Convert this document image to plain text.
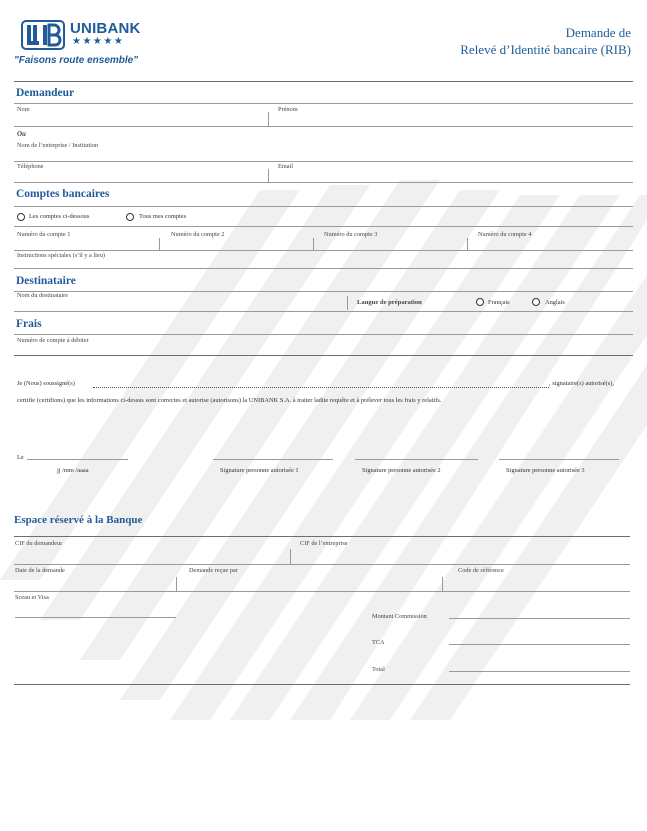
UNIBANK
★★★★★
"Faisons route ensemble"
Demande de
Relevé d’Identité bancaire (RIB)
Demandeur
Nom	Prénom
Ou
Nom de l’entreprise / Institution
Téléphone	Email
Comptes bancaires
Les comptes ci-dessous	Tous mes comptes
Numéro du compte 1	Numéro du compte 2	Numéro du compte 3	Numéro du compte 4
Instructions spéciales (s’il y a lieu)
Destinataire
Nom du destinataire
Langue de préparation	Français	Anglais
Frais
Numéro de compte à débiter
Je (Nous) soussigné(s)	, signataire(s) autorisé(s),
certifie (certifions) que les informations ci-dessus sont correctes et autorise (autorisons) la UNIBANK S.A. à traiter ladite requête et à prélever tous les frais y relatifs.
Le
jj /mm /aaaa	Signature personne autorisée 1	Signature personne autorisée 2	Signature personne autorisée 3
Espace réservé à la Banque
CIF du demandeur	CIF de l’entreprise
Date de la demande	Demande reçue par	Code de référence
Sceau et Visa
Montant Commission
TCA
Total
